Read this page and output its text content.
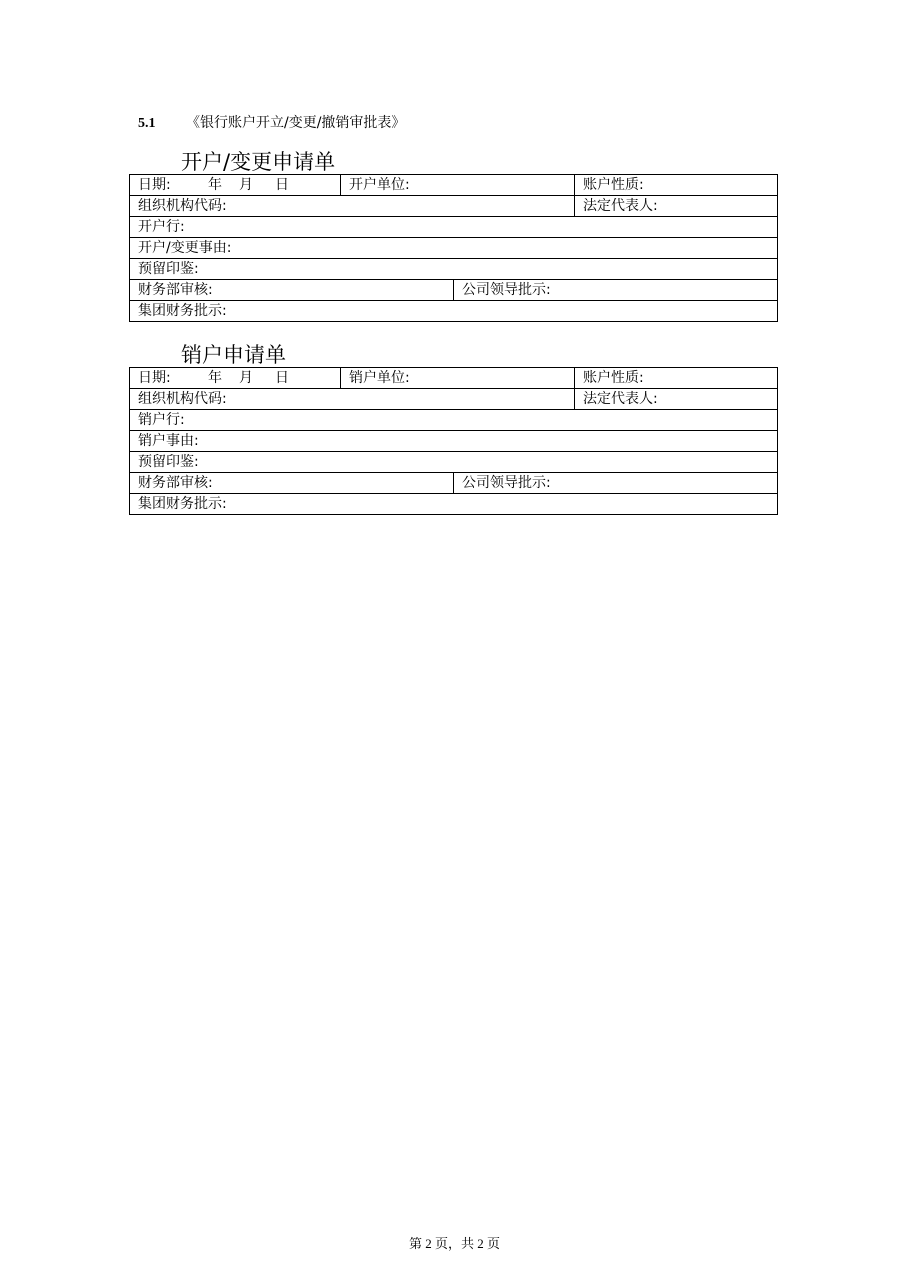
5.1 《银行账户开立/变更/撤销审批表》
开户/变更申请单
日期: 年 月 日	开户单位:		账户性质:
组织机构代码:			法定代表人:
开户行:			
开户/变更事由:			
预留印鉴:			
财务部审核:		公司领导批示:	
集团财务批示:			
销户申请单
日期: 年 月 日	销户单位:		账户性质:
组织机构代码:			法定代表人:
销户行:			
销户事由:			
预留印鉴:			
财务部审核:		公司领导批示:	
集团财务批示:			
第 2 页，共 2 页
